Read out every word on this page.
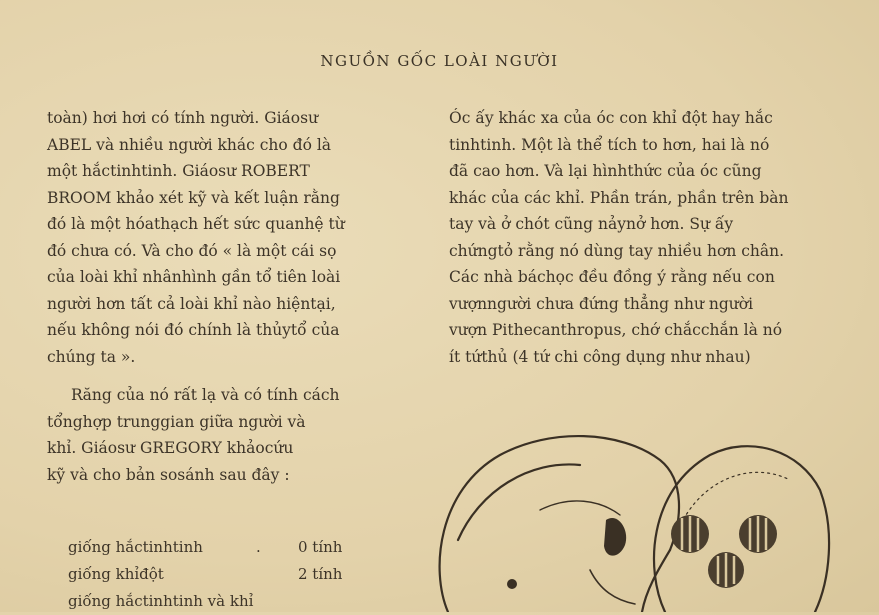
NGUỒN GỐC LOÀI NGƯỜI

toàn) hơi hơi có tính người. Giáosư

ABEL và nhiều người khác cho đó là

một hắctinhtinh. Giáosư ROBERT

BROOM khảo xét kỹ và kết luận rằng

đó là một hóathạch hết sức quanhệ từ

đó chưa có. Và cho đó « là một cái sọ

của loài khỉ nhânhình gần tổ tiên loài

người hơn tất cả loài khỉ nào hiệntại,

nếu không nói đó chính là thủytổ của

chúng ta ».

Răng của nó rất lạ và có tính cách

tổnghợp trunggian giữa người và

khỉ. Giáosư GREGORY khảocứu

kỹ và cho bản sosánh sau đây :

giống hắctinhtinh	. 0 tính
giống khỉđột	2 tính
giống hắctinhtinh và khỉ

Óc ấy khác xa của óc con khỉ đột hay hắc

tinhtinh. Một là thể tích to hơn, hai là nó

đã cao hơn. Và lại hìnhthức của óc cũng

khác của các khỉ. Phần trán, phần trên bàn

tay và ở chót cũng nảynở hơn. Sự ấy

chứngtỏ rằng nó dùng tay nhiều hơn chân.

Các nhà báchọc đều đồng ý rằng nếu con

vượnngười chưa đứng thẳng như người

vượn Pithecanthropus, chớ chắcchắn là nó

ít tứthủ (4 tứ chi công dụng như nhau)
